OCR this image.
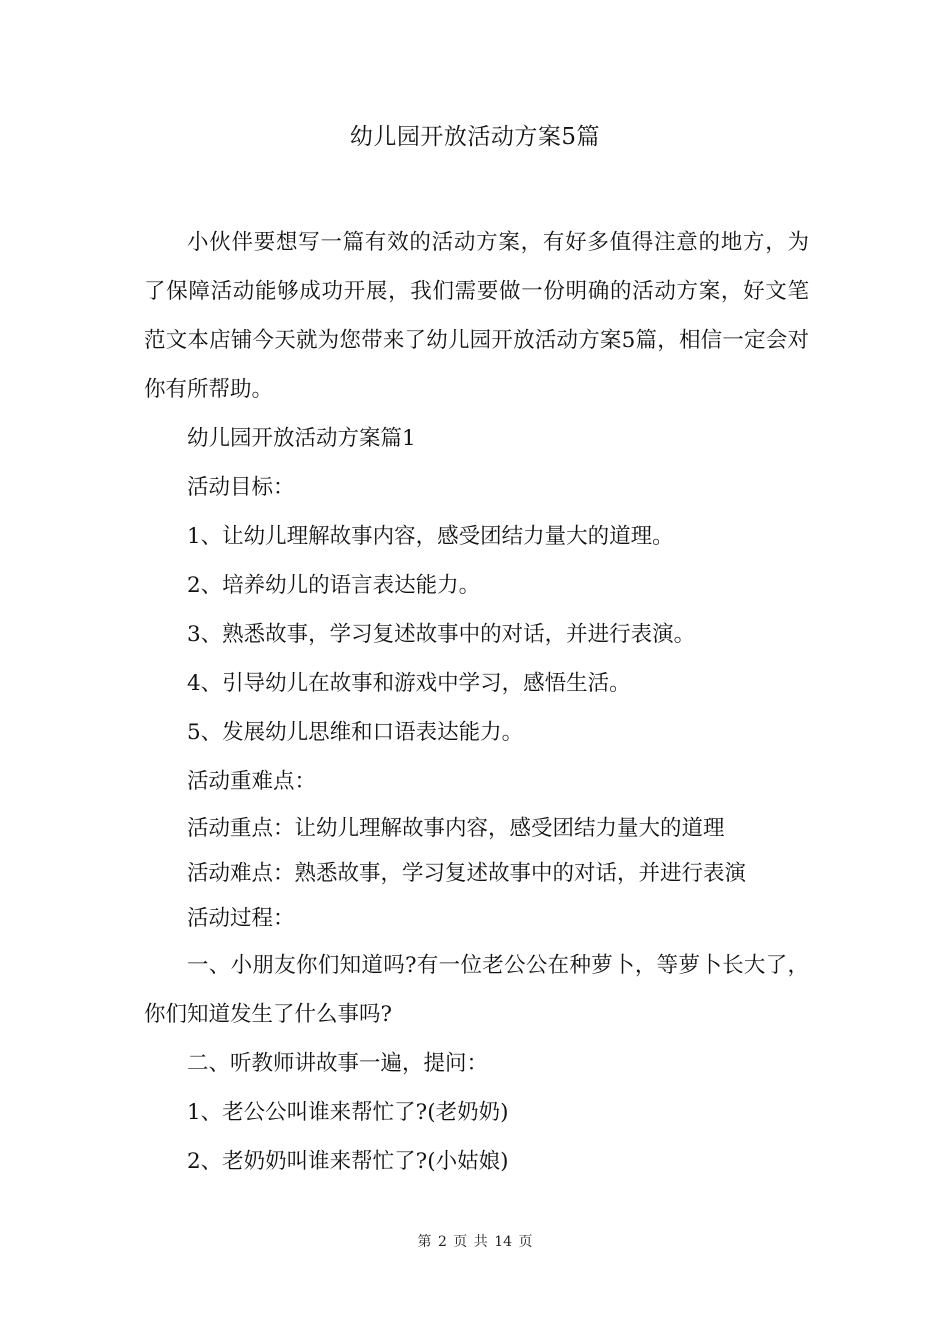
幼儿园开放活动方案5篇

小伙伴要想写一篇有效的活动方案，有好多值得注意的地方，为了保障活动能够成功开展，我们需要做一份明确的活动方案，好文笔范文本店铺今天就为您带来了幼儿园开放活动方案5篇，相信一定会对你有所帮助。

幼儿园开放活动方案篇1

活动目标：

1、让幼儿理解故事内容，感受团结力量大的道理。

2、培养幼儿的语言表达能力。

3、熟悉故事，学习复述故事中的对话，并进行表演。

4、引导幼儿在故事和游戏中学习，感悟生活。

5、发展幼儿思维和口语表达能力。

活动重难点：

活动重点：让幼儿理解故事内容，感受团结力量大的道理

活动难点：熟悉故事，学习复述故事中的对话，并进行表演

活动过程：

一、小朋友你们知道吗?有一位老公公在种萝卜，等萝卜长大了，你们知道发生了什么事吗?

二、听教师讲故事一遍，提问：

1、老公公叫谁来帮忙了?(老奶奶)

2、老奶奶叫谁来帮忙了?(小姑娘)

第 2 页 共 14 页
